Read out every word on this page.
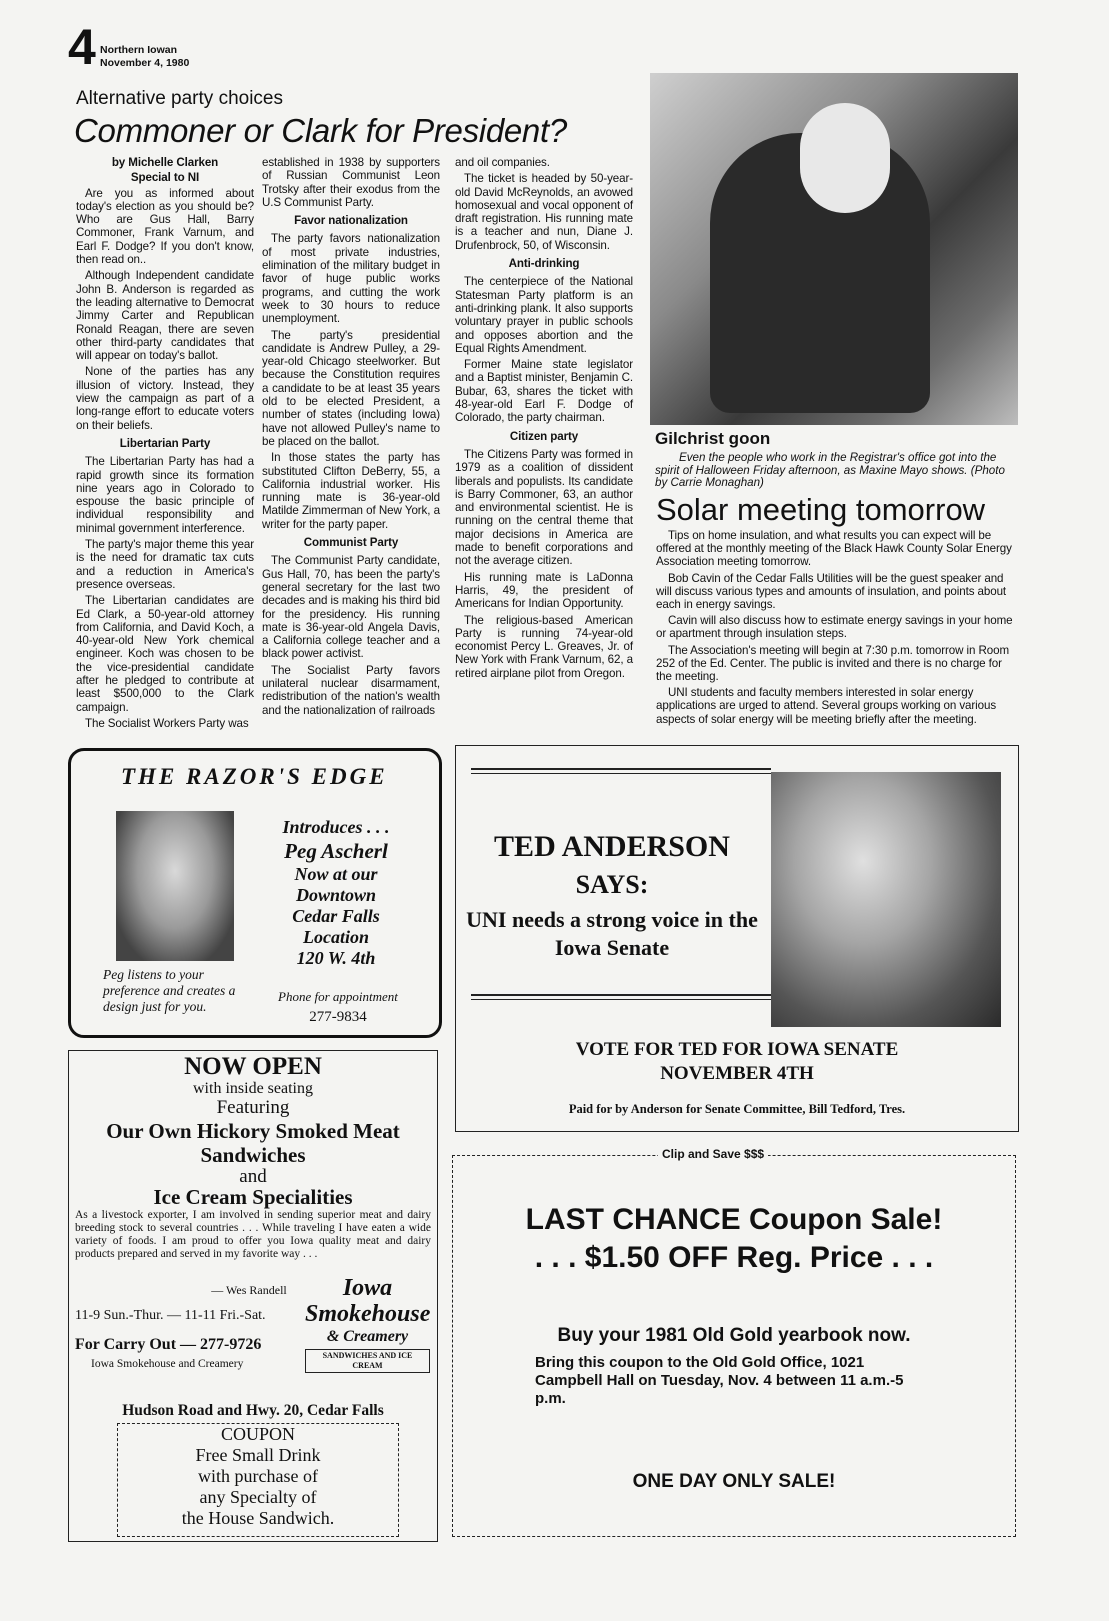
4 Northern Iowan
November 4, 1980
Alternative party choices
Commoner or Clark for President?

by Michelle Clarken

Special to NI

Are you as informed about today's election as you should be? Who are Gus Hall, Barry Commoner, Frank Varnum, and Earl F. Dodge? If you don't know, then read on..

Although Independent candidate John B. Anderson is regarded as the leading alternative to Democrat Jimmy Carter and Republican Ronald Reagan, there are seven other third-party candidates that will appear on today's ballot.

None of the parties has any illusion of victory. Instead, they view the campaign as part of a long-range effort to educate voters on their beliefs.

Libertarian Party

The Libertarian Party has had a rapid growth since its formation nine years ago in Colorado to espouse the basic principle of individual responsibility and minimal government interference.

The party's major theme this year is the need for dramatic tax cuts and a reduction in America's presence overseas.

The Libertarian candidates are Ed Clark, a 50-year-old attorney from California, and David Koch, a 40-year-old New York chemical engineer. Koch was chosen to be the vice-presidential candidate after he pledged to contribute at least $500,000 to the Clark campaign.

The Socialist Workers Party was

established in 1938 by supporters of Russian Communist Leon Trotsky after their exodus from the U.S Communist Party.

Favor nationalization

The party favors nationalization of most private industries, elimination of the military budget in favor of huge public works programs, and cutting the work week to 30 hours to reduce unemployment.

The party's presidential candidate is Andrew Pulley, a 29-year-old Chicago steelworker. But because the Constitution requires a candidate to be at least 35 years old to be elected President, a number of states (including Iowa) have not allowed Pulley's name to be placed on the ballot.

In those states the party has substituted Clifton DeBerry, 55, a California industrial worker. His running mate is 36-year-old Matilde Zimmerman of New York, a writer for the party paper.

Communist Party

The Communist Party candidate, Gus Hall, 70, has been the party's general secretary for the last two decades and is making his third bid for the presidency. His running mate is 36-year-old Angela Davis, a California college teacher and a black power activist.

The Socialist Party favors unilateral nuclear disarmament, redistribution of the nation's wealth and the nationalization of railroads

and oil companies.

The ticket is headed by 50-year-old David McReynolds, an avowed homosexual and vocal opponent of draft registration. His running mate is a teacher and nun, Diane J. Drufenbrock, 50, of Wisconsin.

Anti-drinking

The centerpiece of the National Statesman Party platform is an anti-drinking plank. It also supports voluntary prayer in public schools and opposes abortion and the Equal Rights Amendment.

Former Maine state legislator and a Baptist minister, Benjamin C. Bubar, 63, shares the ticket with 48-year-old Earl F. Dodge of Colorado, the party chairman.

Citizen party

The Citizens Party was formed in 1979 as a coalition of dissident liberals and populists. Its candidate is Barry Commoner, 63, an author and environmental scientist. He is running on the central theme that major decisions in America are made to benefit corporations and not the average citizen.

His running mate is LaDonna Harris, 49, the president of Americans for Indian Opportunity.

The religious-based American Party is running 74-year-old economist Percy L. Greaves, Jr. of New York with Frank Varnum, 62, a retired airplane pilot from Oregon.

Gilchrist goon
Even the people who work in the Registrar's office got into the spirit of Halloween Friday afternoon, as Maxine Mayo shows. (Photo by Carrie Monaghan)
Solar meeting tomorrow

Tips on home insulation, and what results you can expect will be offered at the monthly meeting of the Black Hawk County Solar Energy Association meeting tomorrow.

Bob Cavin of the Cedar Falls Utilities will be the guest speaker and will discuss various types and amounts of insulation, and points about each in energy savings.

Cavin will also discuss how to estimate energy savings in your home or apartment through insulation steps.

The Association's meeting will begin at 7:30 p.m. tomorrow in Room 252 of the Ed. Center. The public is invited and there is no charge for the meeting.

UNI students and faculty members interested in solar energy applications are urged to attend. Several groups working on various aspects of solar energy will be meeting briefly after the meeting.

THE RAZOR'S EDGE
Introduces . . .
Peg Ascherl
Now at our
Downtown
Cedar Falls
Location
120 W. 4th
Peg listens to your preference and creates a design just for you.
Phone for appointment
277-9834
TED ANDERSON
SAYS:
UNI needs a strong voice in the Iowa Senate
VOTE FOR TED FOR IOWA SENATE
NOVEMBER 4TH
Paid for by Anderson for Senate Committee, Bill Tedford, Tres.
NOW OPEN
with inside seating
Featuring
Our Own Hickory Smoked Meat Sandwiches
and
Ice Cream Specialities
As a livestock exporter, I am involved in sending superior meat and dairy breeding stock to several countries . . . While traveling I have eaten a wide variety of foods. I am proud to offer you Iowa quality meat and dairy products prepared and served in my favorite way . . .
— Wes Randell
11-9 Sun.-Thur. — 11-11 Fri.-Sat.
For Carry Out — 277-9726
Iowa Smokehouse and Creamery
Iowa
Smokehouse
& Creamery
SANDWICHES AND ICE CREAM
Hudson Road and Hwy. 20, Cedar Falls
COUPON
Free Small Drink
with purchase of
any Specialty of
the House Sandwich.
Clip and Save $$$
LAST CHANCE Coupon Sale!
. . . $1.50 OFF Reg. Price . . .
Buy your 1981 Old Gold yearbook now.
Bring this coupon to the Old Gold Office, 1021 Campbell Hall on Tuesday, Nov. 4 between 11 a.m.-5 p.m.
ONE DAY ONLY SALE!
